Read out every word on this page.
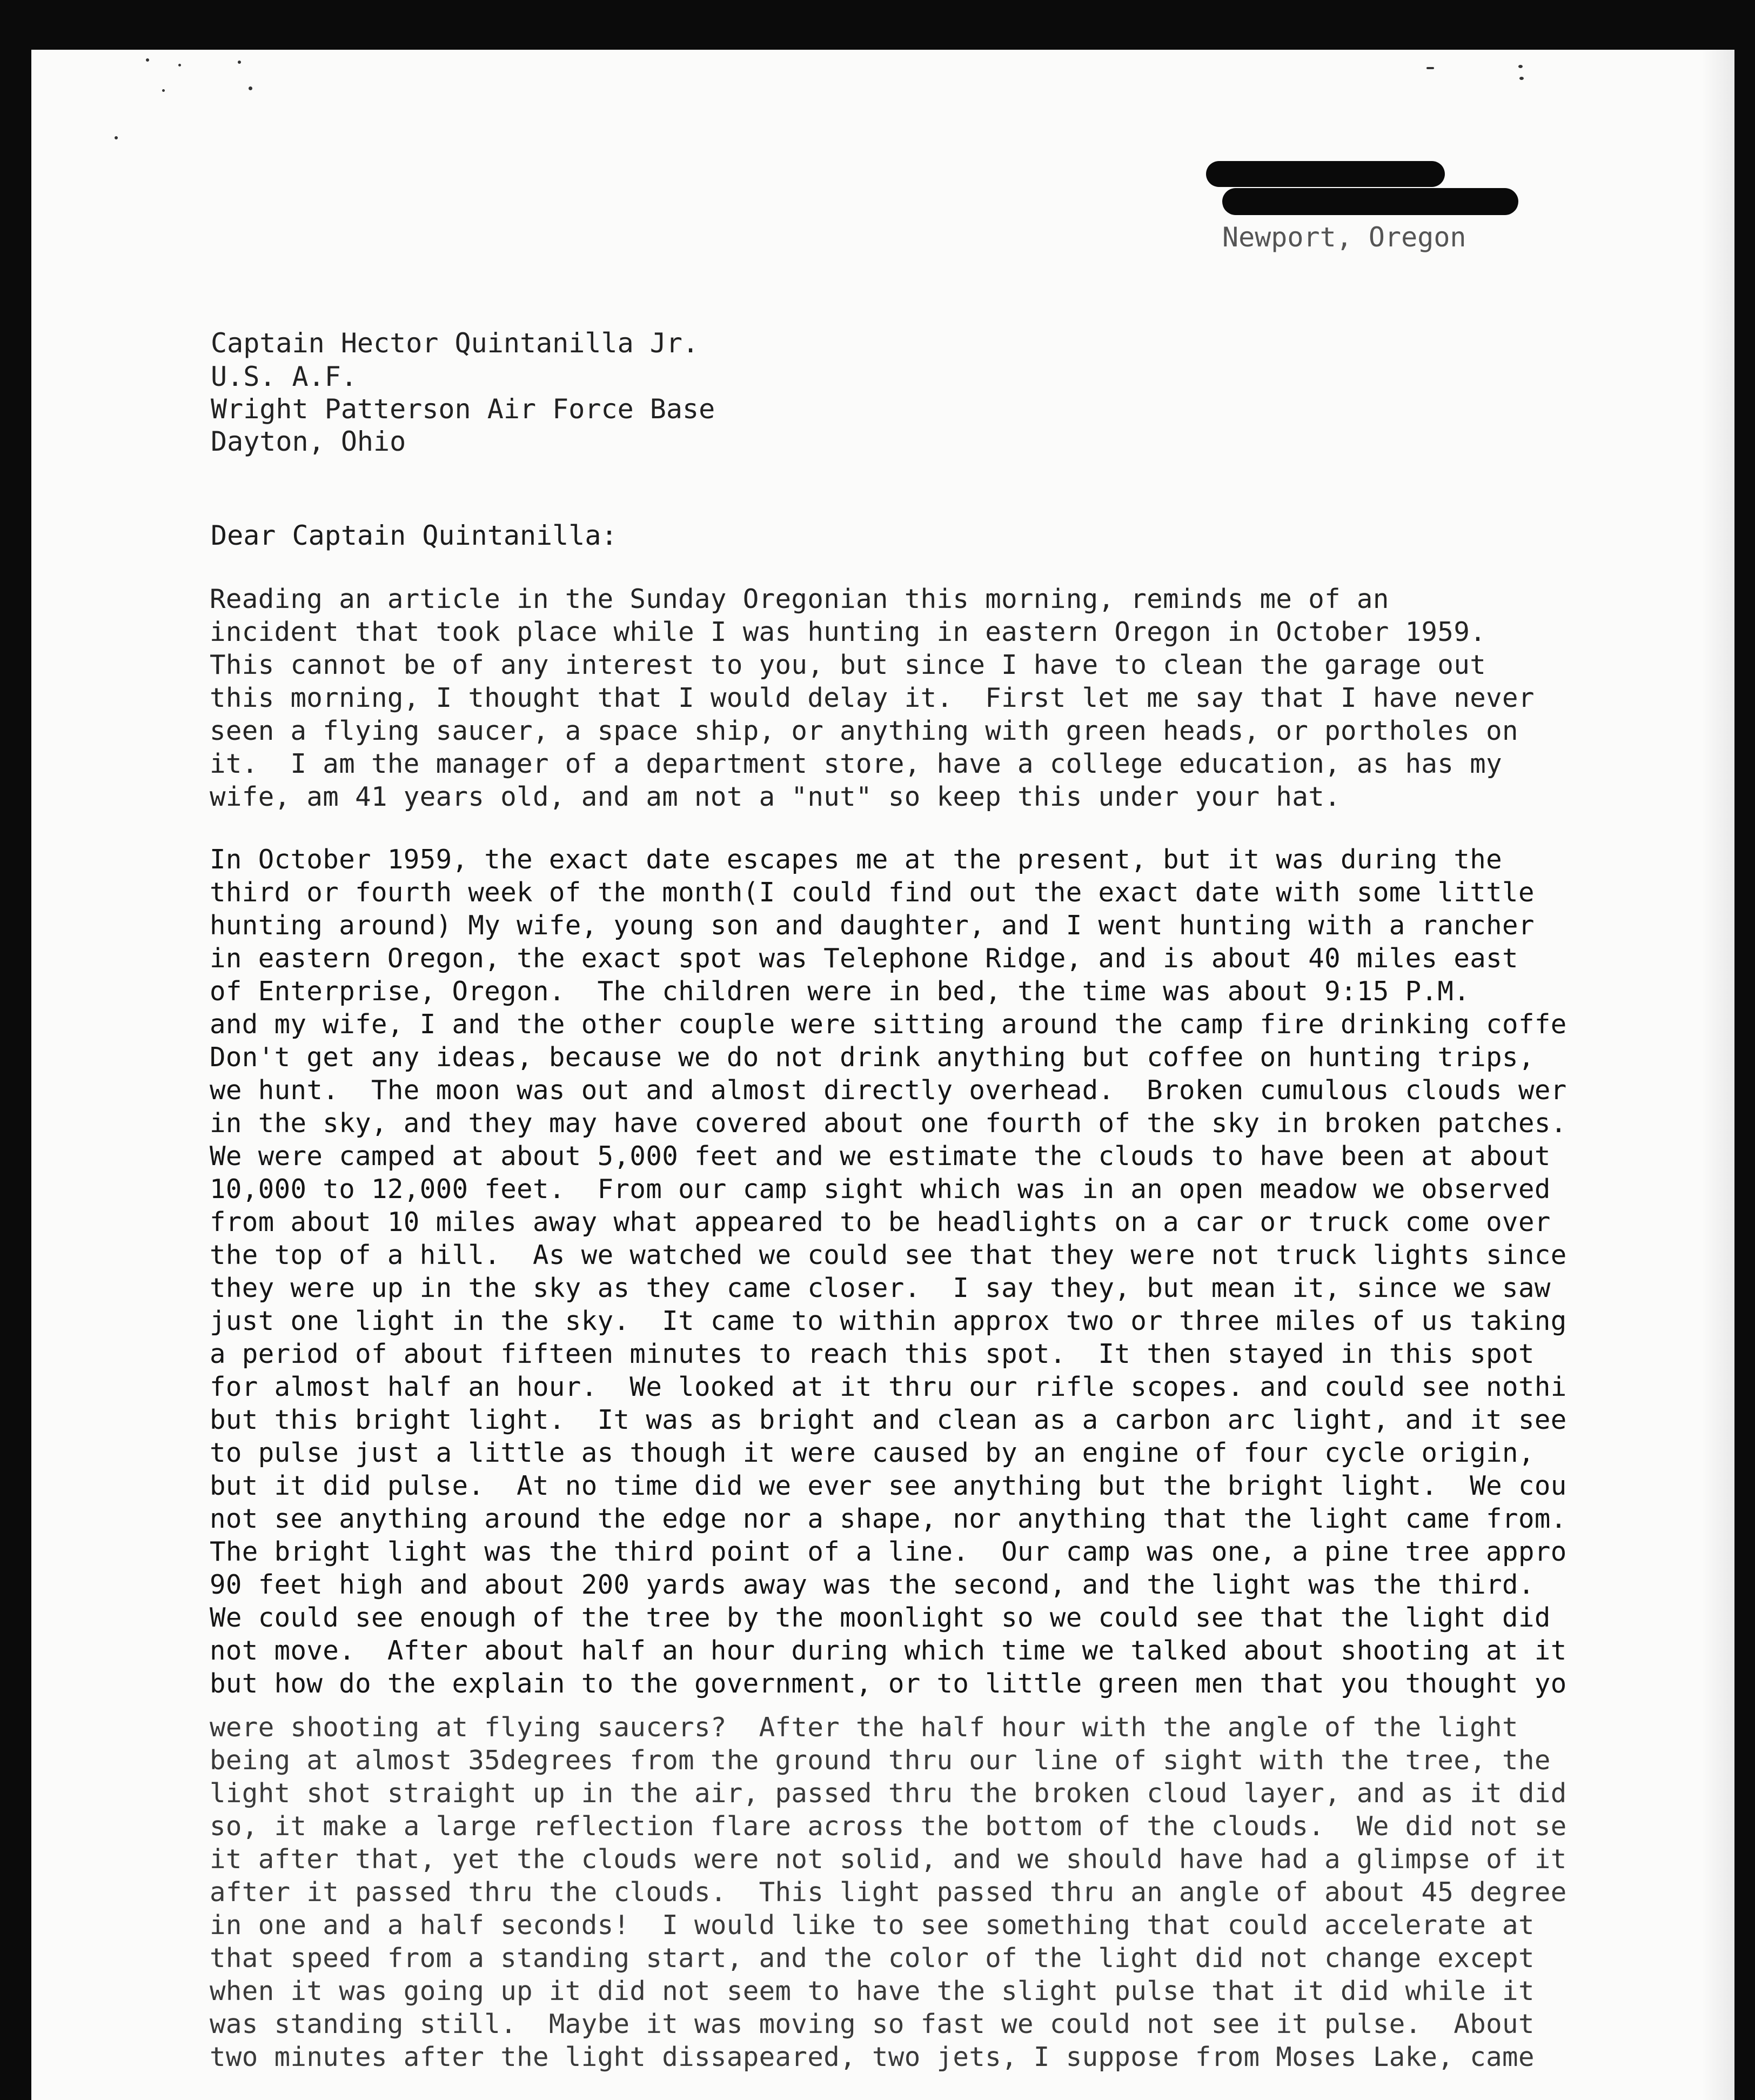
Newport, Oregon
Captain Hector Quintanilla Jr.
U.S. A.F.
Wright Patterson Air Force Base
Dayton, Ohio
Dear Captain Quintanilla:
Reading an article in the Sunday Oregonian this morning, reminds me of an
incident that took place while I was hunting in eastern Oregon in October 1959.
This cannot be of any interest to you, but since I have to clean the garage out
this morning, I thought that I would delay it.  First let me say that I have never
seen a flying saucer, a space ship, or anything with green heads, or portholes on
it.  I am the manager of a department store, have a college education, as has my
wife, am 41 years old, and am not a "nut" so keep this under your hat.
In October 1959, the exact date escapes me at the present, but it was during the
third or fourth week of the month(I could find out the exact date with some little
hunting around) My wife, young son and daughter, and I went hunting with a rancher
in eastern Oregon, the exact spot was Telephone Ridge, and is about 40 miles east
of Enterprise, Oregon.  The children were in bed, the time was about 9:15 P.M.
and my wife, I and the other couple were sitting around the camp fire drinking coffe
Don't get any ideas, because we do not drink anything but coffee on hunting trips,
we hunt.  The moon was out and almost directly overhead.  Broken cumulous clouds wer
in the sky, and they may have covered about one fourth of the sky in broken patches.
We were camped at about 5,000 feet and we estimate the clouds to have been at about
10,000 to 12,000 feet.  From our camp sight which was in an open meadow we observed
from about 10 miles away what appeared to be headlights on a car or truck come over
the top of a hill.  As we watched we could see that they were not truck lights since
they were up in the sky as they came closer.  I say they, but mean it, since we saw
just one light in the sky.  It came to within approx two or three miles of us taking
a period of about fifteen minutes to reach this spot.  It then stayed in this spot
for almost half an hour.  We looked at it thru our rifle scopes. and could see nothi
but this bright light.  It was as bright and clean as a carbon arc light, and it see
to pulse just a little as though it were caused by an engine of four cycle origin,
but it did pulse.  At no time did we ever see anything but the bright light.  We cou
not see anything around the edge nor a shape, nor anything that the light came from.
The bright light was the third point of a line.  Our camp was one, a pine tree appro
90 feet high and about 200 yards away was the second, and the light was the third.
We could see enough of the tree by the moonlight so we could see that the light did
not move.  After about half an hour during which time we talked about shooting at it
but how do the explain to the government, or to little green men that you thought yo
were shooting at flying saucers?  After the half hour with the angle of the light
being at almost 35degrees from the ground thru our line of sight with the tree, the
light shot straight up in the air, passed thru the broken cloud layer, and as it did
so, it make a large reflection flare across the bottom of the clouds.  We did not se
it after that, yet the clouds were not solid, and we should have had a glimpse of it
after it passed thru the clouds.  This light passed thru an angle of about 45 degree
in one and a half seconds!  I would like to see something that could accelerate at
that speed from a standing start, and the color of the light did not change except
when it was going up it did not seem to have the slight pulse that it did while it
was standing still.  Maybe it was moving so fast we could not see it pulse.  About
two minutes after the light dissapeared, two jets, I suppose from Moses Lake, came
